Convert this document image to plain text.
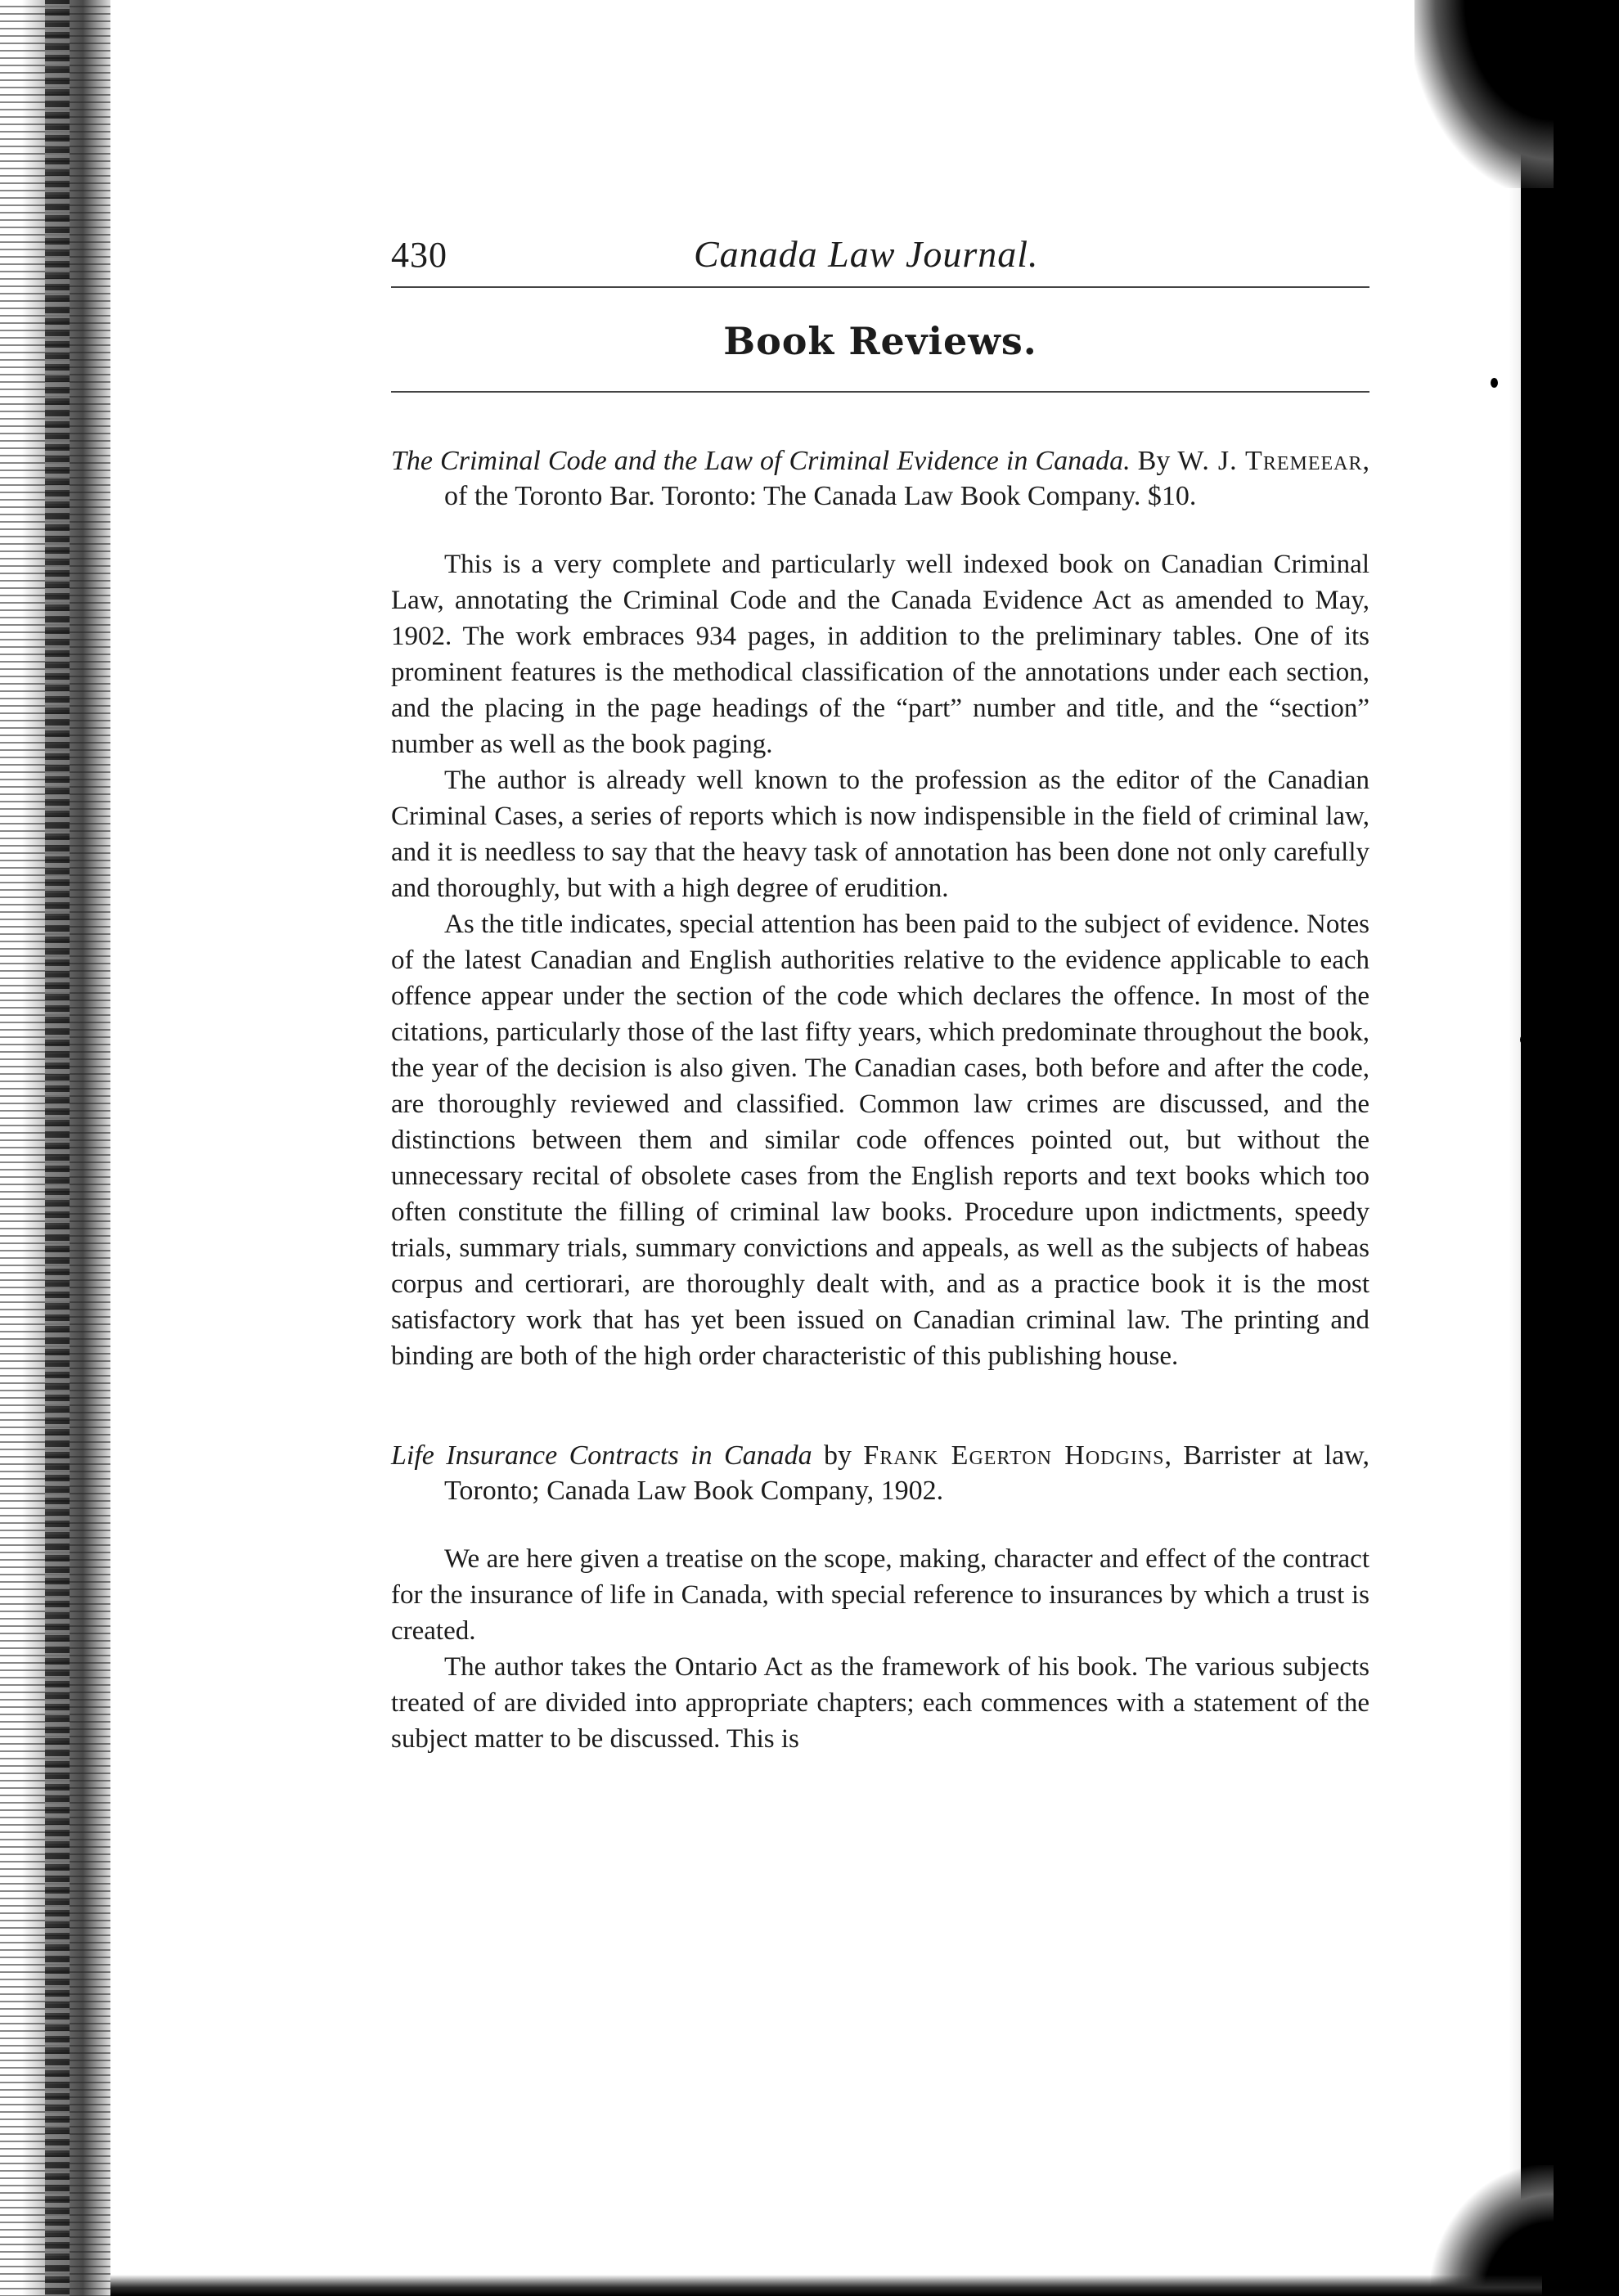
430	Canada Law Journal.
Book Reviews.

The Criminal Code and the Law of Criminal Evidence in Canada. By W. J. Tremeear, of the Toronto Bar. Toronto: The Canada Law Book Company. $10.

This is a very complete and particularly well indexed book on Canadian Criminal Law, annotating the Criminal Code and the Canada Evidence Act as amended to May, 1902. The work embraces 934 pages, in addition to the preliminary tables. One of its prominent features is the methodical classification of the annotations under each section, and the placing in the page headings of the “part” number and title, and the “section” number as well as the book paging.

The author is already well known to the profession as the editor of the Canadian Criminal Cases, a series of reports which is now indispensible in the field of criminal law, and it is needless to say that the heavy task of annotation has been done not only carefully and thoroughly, but with a high degree of erudition.

As the title indicates, special attention has been paid to the subject of evidence. Notes of the latest Canadian and English authorities relative to the evidence applicable to each offence appear under the section of the code which declares the offence. In most of the citations, particularly those of the last fifty years, which predominate throughout the book, the year of the decision is also given. The Canadian cases, both before and after the code, are thoroughly reviewed and classified. Common law crimes are discussed, and the distinctions between them and similar code offences pointed out, but without the unnecessary recital of obsolete cases from the English reports and text books which too often constitute the filling of criminal law books. Procedure upon indictments, speedy trials, summary trials, summary convictions and appeals, as well as the subjects of habeas corpus and certiorari, are thoroughly dealt with, and as a practice book it is the most satisfactory work that has yet been issued on Canadian criminal law. The printing and binding are both of the high order characteristic of this publishing house.

Life Insurance Contracts in Canada by Frank Egerton Hodgins, Barrister at law, Toronto; Canada Law Book Company, 1902.

We are here given a treatise on the scope, making, character and effect of the contract for the insurance of life in Canada, with special reference to insurances by which a trust is created.

The author takes the Ontario Act as the framework of his book. The various subjects treated of are divided into appropriate chapters; each commences with a statement of the subject matter to be discussed. This is
